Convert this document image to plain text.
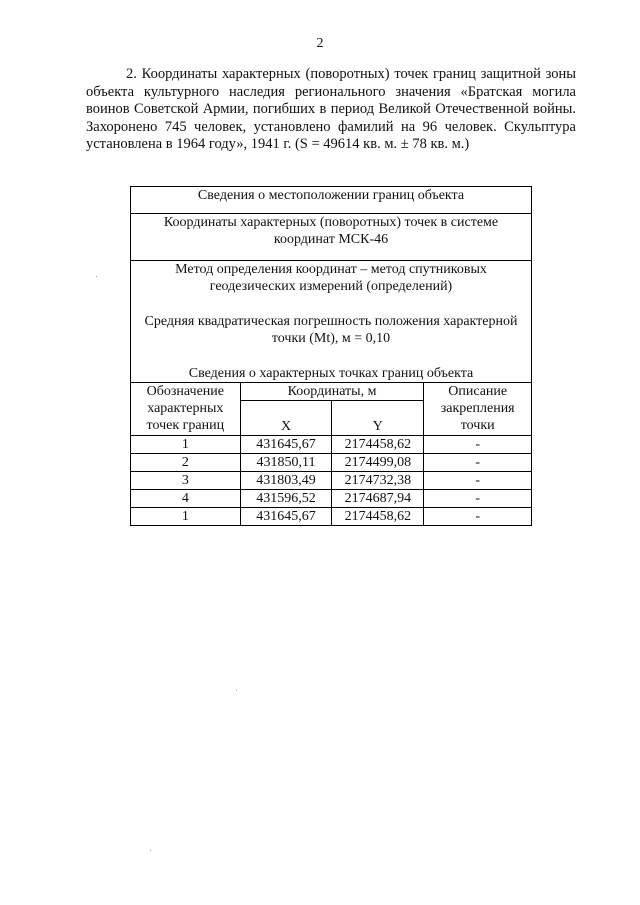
2

2. Координаты характерных (поворотных) точек границ защитной зоны объекта культурного наследия регионального значения «Братская могила воинов Советской Армии, погибших в период Великой Отечественной войны. Захоронено 745 человек, установлено фамилий на 96 человек. Скульптура установлена в 1964 году», 1941 г. (S = 49614 кв. м. ± 78 кв. м.)

Сведения о местоположении границ объекта			
Координаты характерных (поворотных) точек в системе координат МСК-46			

Метод определения координат – метод спутниковых геодезических измерений (определений)
Средняя квадратическая погрешность положения характерной точки (Mt), м = 0,10
Сведения о характерных точках границ объекта			

Обозначение характерных точек границ	Координаты, м		Описание закрепления точки
	X	Y	
1	431645,67	2174458,62	-
2	431850,11	2174499,08	-
3	431803,49	2174732,38	-
4	431596,52	2174687,94	-
1	431645,67	2174458,62	-
